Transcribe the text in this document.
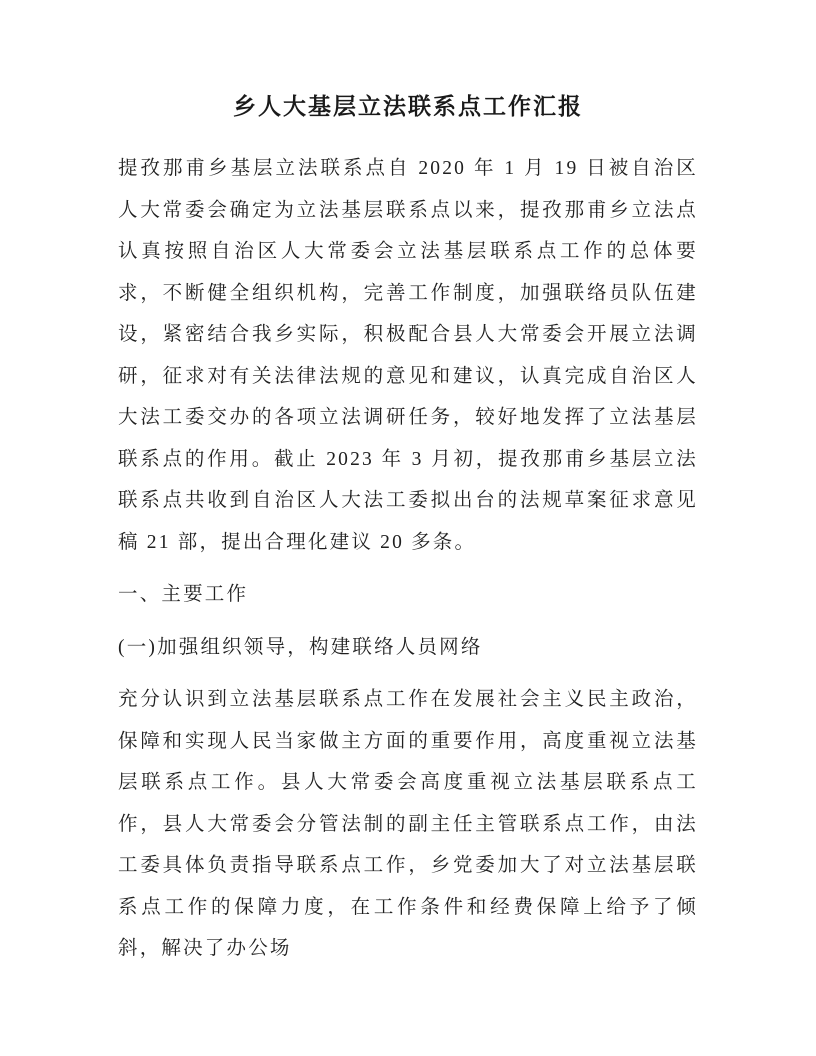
乡人大基层立法联系点工作汇报

提孜那甫乡基层立法联系点自 2020 年 1 月 19 日被自治区人大常委会确定为立法基层联系点以来，提孜那甫乡立法点认真按照自治区人大常委会立法基层联系点工作的总体要求，不断健全组织机构，完善工作制度，加强联络员队伍建设，紧密结合我乡实际，积极配合县人大常委会开展立法调研，征求对有关法律法规的意见和建议，认真完成自治区人大法工委交办的各项立法调研任务，较好地发挥了立法基层联系点的作用。截止 2023 年 3 月初，提孜那甫乡基层立法联系点共收到自治区人大法工委拟出台的法规草案征求意见稿 21 部，提出合理化建议 20 多条。

一、主要工作

(一)加强组织领导，构建联络人员网络

充分认识到立法基层联系点工作在发展社会主义民主政治，保障和实现人民当家做主方面的重要作用，高度重视立法基层联系点工作。县人大常委会高度重视立法基层联系点工作，县人大常委会分管法制的副主任主管联系点工作，由法工委具体负责指导联系点工作，乡党委加大了对立法基层联系点工作的保障力度，在工作条件和经费保障上给予了倾斜，解决了办公场
